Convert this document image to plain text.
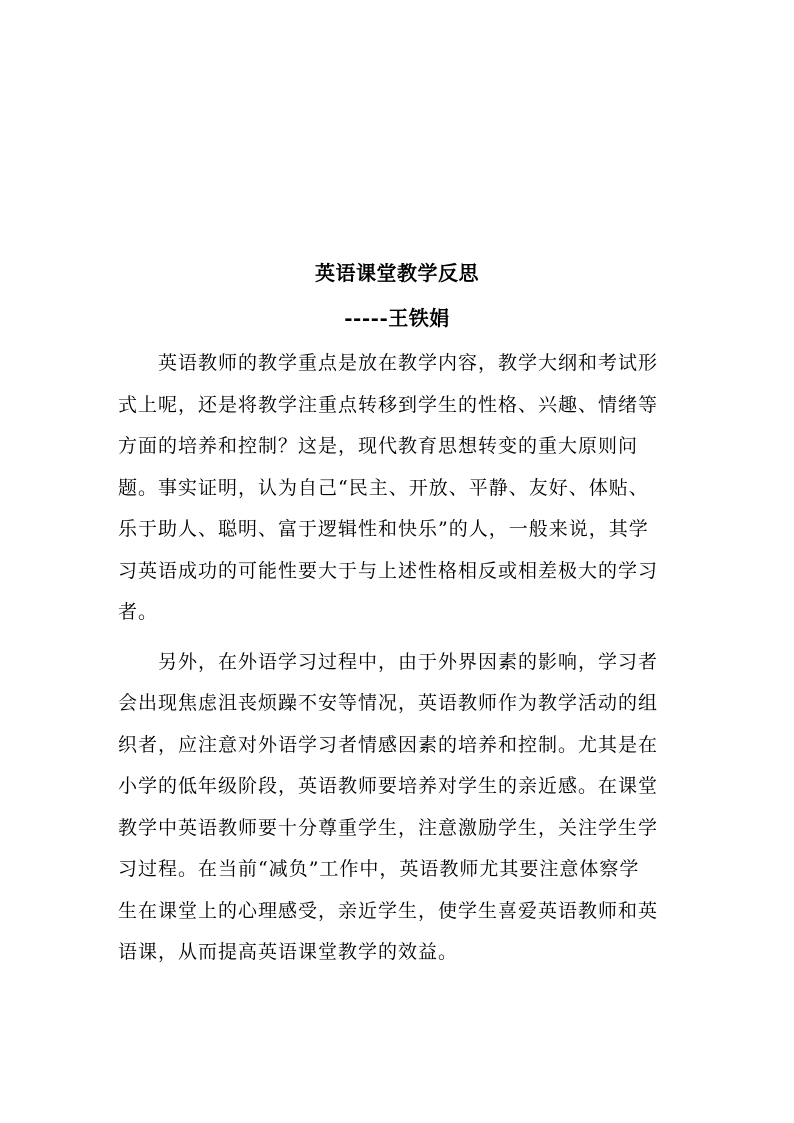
英语课堂教学反思
-----王铁娟
　　英语教师的教学重点是放在教学内容，教学大纲和考试形
式上呢，还是将教学注重点转移到学生的性格、兴趣、情绪等
方面的培养和控制？这是，现代教育思想转变的重大原则问
题。事实证明，认为自己“民主、开放、平静、友好、体贴、
乐于助人、聪明、富于逻辑性和快乐”的人，一般来说，其学
习英语成功的可能性要大于与上述性格相反或相差极大的学习
者。
　　另外，在外语学习过程中，由于外界因素的影响，学习者
会出现焦虑沮丧烦躁不安等情况，英语教师作为教学活动的组
织者，应注意对外语学习者情感因素的培养和控制。尤其是在
小学的低年级阶段，英语教师要培养对学生的亲近感。在课堂
教学中英语教师要十分尊重学生，注意激励学生，关注学生学
习过程。在当前“减负”工作中，英语教师尤其要注意体察学
生在课堂上的心理感受，亲近学生，使学生喜爱英语教师和英
语课，从而提高英语课堂教学的效益。
